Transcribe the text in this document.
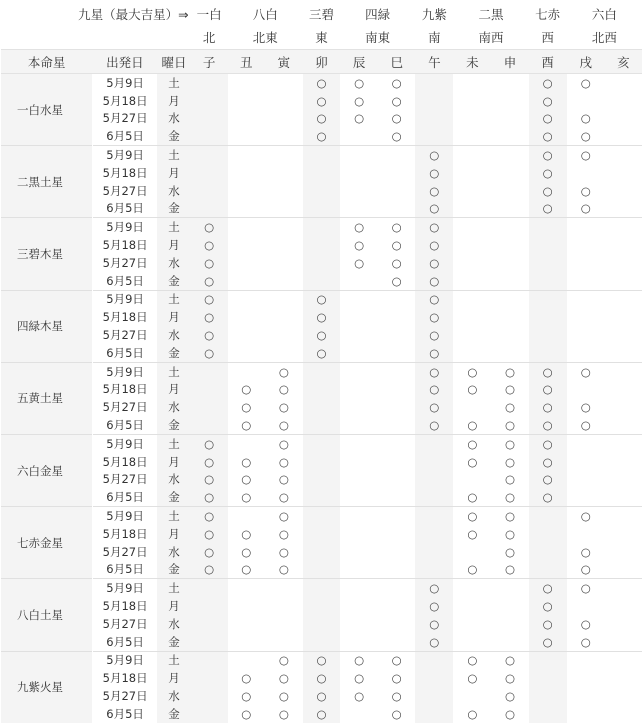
九星（最大吉星）⇒			一白	八白		三碧	四緑		九紫	二黒		七赤	六白	
			北	北東		東	南東		南	南西		西	北西	
本命星	出発日	曜日	子	丑	寅	卯	辰	巳	午	未	申	酉	戌	亥
一白水星	5月9日	土				○	○	○				○	○	
	5月18日	月				○	○	○				○		
	5月27日	水				○	○	○				○	○	
	6月5日	金				○		○				○	○	
二黒土星	5月9日	土							○			○	○	
	5月18日	月							○			○		
	5月27日	水							○			○	○	
	6月5日	金							○			○	○	
三碧木星	5月9日	土	○				○	○	○					
	5月18日	月	○				○	○	○					
	5月27日	水	○				○	○	○					
	6月5日	金	○					○	○					
四緑木星	5月9日	土	○			○			○					
	5月18日	月	○			○			○					
	5月27日	水	○			○			○					
	6月5日	金	○			○			○					
五黄土星	5月9日	土			○				○	○	○	○	○	
	5月18日	月		○	○				○	○	○	○		
	5月27日	水		○	○				○		○	○	○	
	6月5日	金		○	○				○	○	○	○	○	
六白金星	5月9日	土	○		○					○	○	○		
	5月18日	月	○	○	○					○	○	○		
	5月27日	水	○	○	○						○	○		
	6月5日	金	○	○	○					○	○	○		
七赤金星	5月9日	土	○		○					○	○		○	
	5月18日	月	○	○	○					○	○			
	5月27日	水	○	○	○						○		○	
	6月5日	金	○	○	○					○	○		○	
八白土星	5月9日	土							○			○	○	
	5月18日	月							○			○		
	5月27日	水							○			○	○	
	6月5日	金							○			○	○	
九紫火星	5月9日	土			○	○	○	○		○	○			
	5月18日	月		○	○	○	○	○		○	○			
	5月27日	水		○	○	○	○	○			○			
	6月5日	金		○	○	○		○		○	○			
